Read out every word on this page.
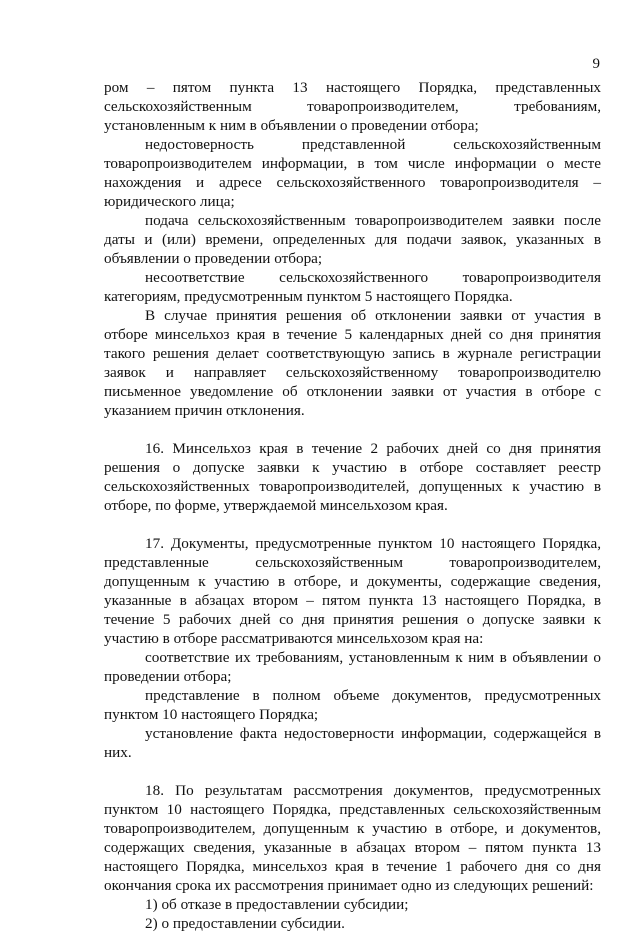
9

ром – пятом пункта 13 настоящего Порядка, представленных сельскохозяйственным товаропроизводителем, требованиям, установленным к ним в объявлении о проведении отбора;

недостоверность представленной сельскохозяйственным товаропроизводителем информации, в том числе информации о месте нахождения и адресе сельскохозяйственного товаропроизводителя – юридического лица;

подача сельскохозяйственным товаропроизводителем заявки после даты и (или) времени, определенных для подачи заявок, указанных в объявлении о проведении отбора;

несоответствие сельскохозяйственного товаропроизводителя категориям, предусмотренным пунктом 5 настоящего Порядка.

В случае принятия решения об отклонении заявки от участия в отборе минсельхоз края в течение 5 календарных дней со дня принятия такого решения делает соответствующую запись в журнале регистрации заявок и направляет сельскохозяйственному товаропроизводителю письменное уведомление об отклонении заявки от участия в отборе с указанием причин отклонения.

16. Минсельхоз края в течение 2 рабочих дней со дня принятия решения о допуске заявки к участию в отборе составляет реестр сельскохозяйственных товаропроизводителей, допущенных к участию в отборе, по форме, утверждаемой минсельхозом края.

17. Документы, предусмотренные пунктом 10 настоящего Порядка, представленные сельскохозяйственным товаропроизводителем, допущенным к участию в отборе, и документы, содержащие сведения, указанные в абзацах втором – пятом пункта 13 настоящего Порядка, в течение 5 рабочих дней со дня принятия решения о допуске заявки к участию в отборе рассматриваются минсельхозом края на:

соответствие их требованиям, установленным к ним в объявлении о проведении отбора;

представление в полном объеме документов, предусмотренных пунктом 10 настоящего Порядка;

установление факта недостоверности информации, содержащейся в них.

18. По результатам рассмотрения документов, предусмотренных пунктом 10 настоящего Порядка, представленных сельскохозяйственным товаропроизводителем, допущенным к участию в отборе, и документов, содержащих сведения, указанные в абзацах втором – пятом пункта 13 настоящего Порядка, минсельхоз края в течение 1 рабочего дня со дня окончания срока их рассмотрения принимает одно из следующих решений:

1) об отказе в предоставлении субсидии;

2) о предоставлении субсидии.
